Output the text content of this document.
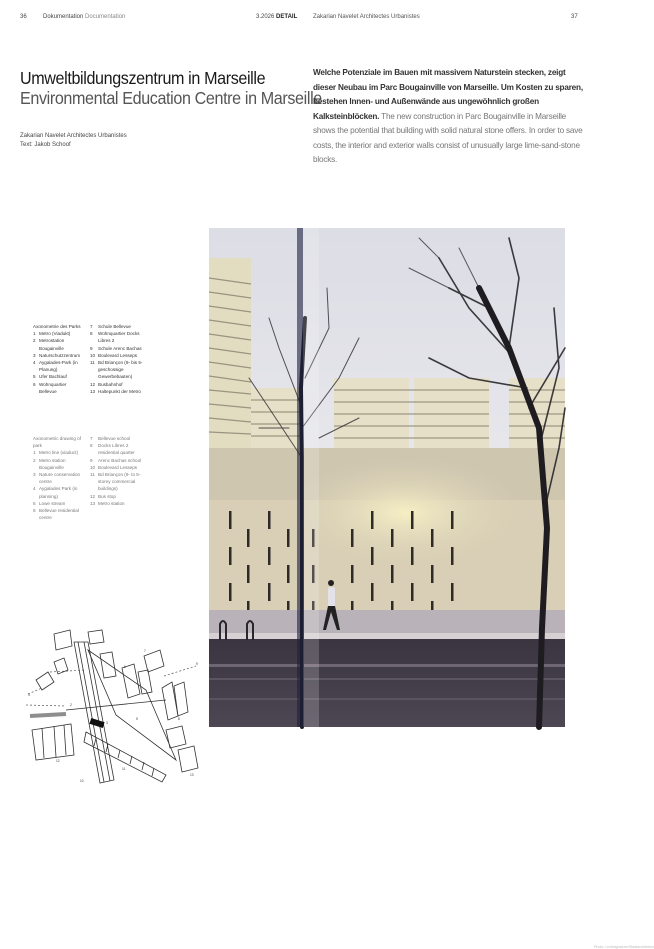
36	Dokumentation Documentation	3.2026 DETAIL	Zakarian Navelet Architectes Urbanistes	37
Umweltbildungszentrum in Marseille
Environmental Education Centre in Marseille
Zakarian Navelet Architectes Urbanistes
Text: Jakob Schoof
Welche Potenziale im Bauen mit massivem Naturstein stecken, zeigt dieser Neubau im Parc Bougainville von Marseille. Um Kosten zu sparen, bestehen Innen- und Außenwände aus ungewöhnlich großen Kalksteinblöcken. The new construction in Parc Bougainville in Marseille shows the potential that building with solid natural stone offers. In order to save costs, the interior and exterior walls consist of unusually large lime-sand-stone blocks.
Axonometrie des Parks
1 Metro (Viadukt)
2 Metrostation Bougainville
3 Naturschutzzentrum
4 Aygalades-Park (in Planung)
5 Ufer Bachlauf
6 Wohnquartier Bellevue
7	Schule Bellevue
8	Wohnquartier Docks Libres 2
9	Schule Arenc Bachas
10 Boulevard Lesseps
11 Bd Briançon (9- bis 5-geschossige Gewerbebauten)
12 Busbahnhof
13 Haltepunkt der Metro
Axonometric drawing of park
1 Metro line (viaduct)
2 Metro station Bougainville
3 Nature conservation centre
4 Aygalades Park (in planning)
5 Lowe stream
6 Bellevue residential centre
7	Bellevue school
8	Docks Libres 2 residential quarter
9	Arenc Bachas school
10 Boulevard Lesseps
11 Bd Briançon (9- to 5-storey commercial buildings)
12 Bus stop
13 Metro station
2
3
4
5
6
7
8
9
10
11
12
13
Photo: Lichtsignature/Stadtarchitektur
